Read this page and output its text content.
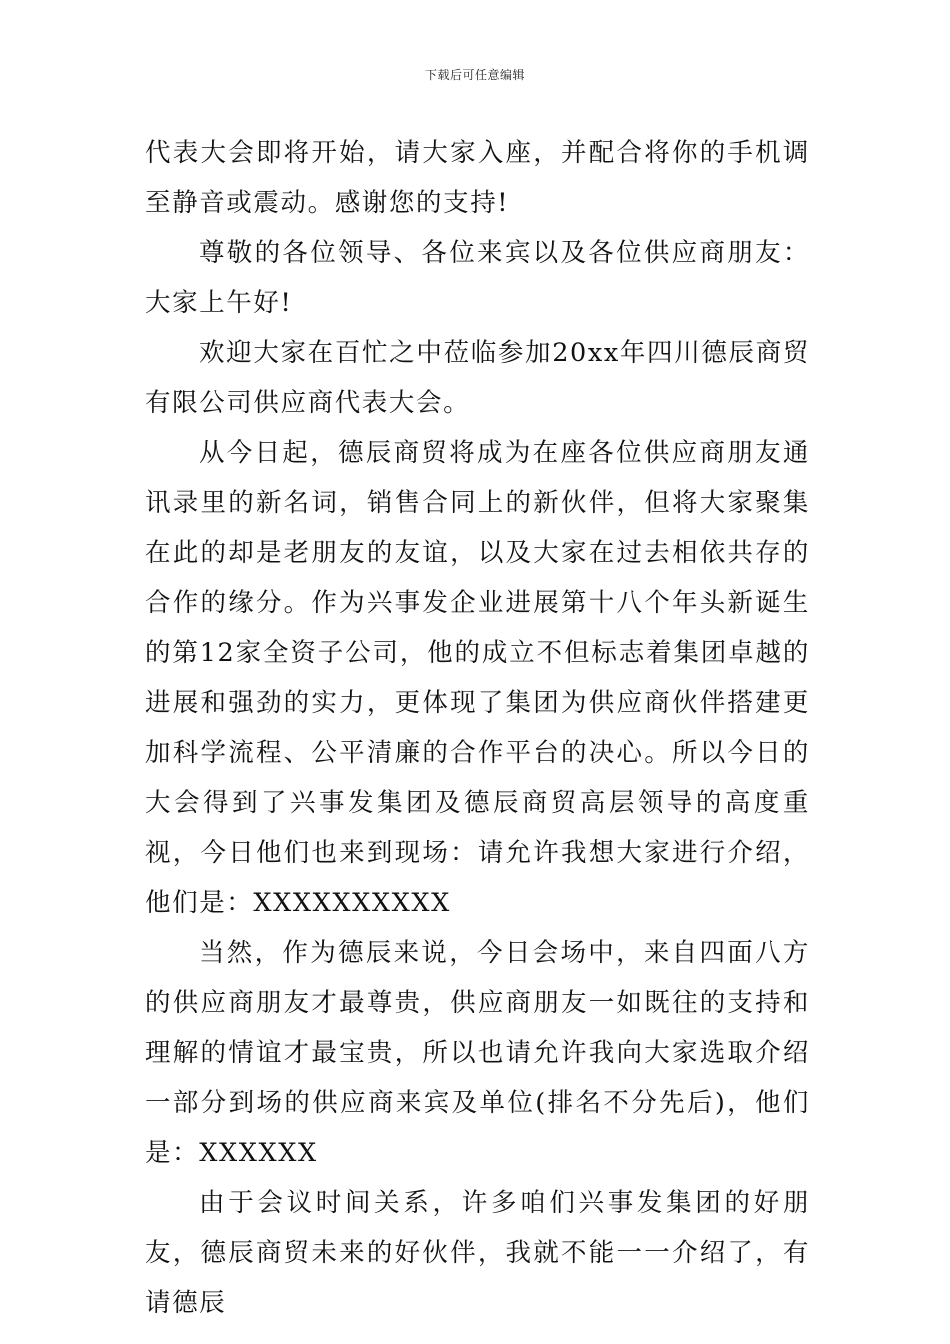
下载后可任意编辑

代表大会即将开始，请大家入座，并配合将你的手机调至静音或震动。感谢您的支持!

尊敬的各位领导、各位来宾以及各位供应商朋友：大家上午好!

欢迎大家在百忙之中莅临参加20xx年四川德辰商贸有限公司供应商代表大会。

从今日起，德辰商贸将成为在座各位供应商朋友通讯录里的新名词，销售合同上的新伙伴，但将大家聚集在此的却是老朋友的友谊，以及大家在过去相依共存的合作的缘分。作为兴事发企业进展第十八个年头新诞生的第12家全资子公司，他的成立不但标志着集团卓越的进展和强劲的实力，更体现了集团为供应商伙伴搭建更加科学流程、公平清廉的合作平台的决心。所以今日的大会得到了兴事发集团及德辰商贸高层领导的高度重视，今日他们也来到现场：请允许我想大家进行介绍，他们是：XXXXXXXXXX

当然，作为德辰来说，今日会场中，来自四面八方的供应商朋友才最尊贵，供应商朋友一如既往的支持和理解的情谊才最宝贵，所以也请允许我向大家选取介绍一部分到场的供应商来宾及单位(排名不分先后)，他们是：XXXXXX

由于会议时间关系，许多咱们兴事发集团的好朋友，德辰商贸未来的好伙伴，我就不能一一介绍了，有请德辰
